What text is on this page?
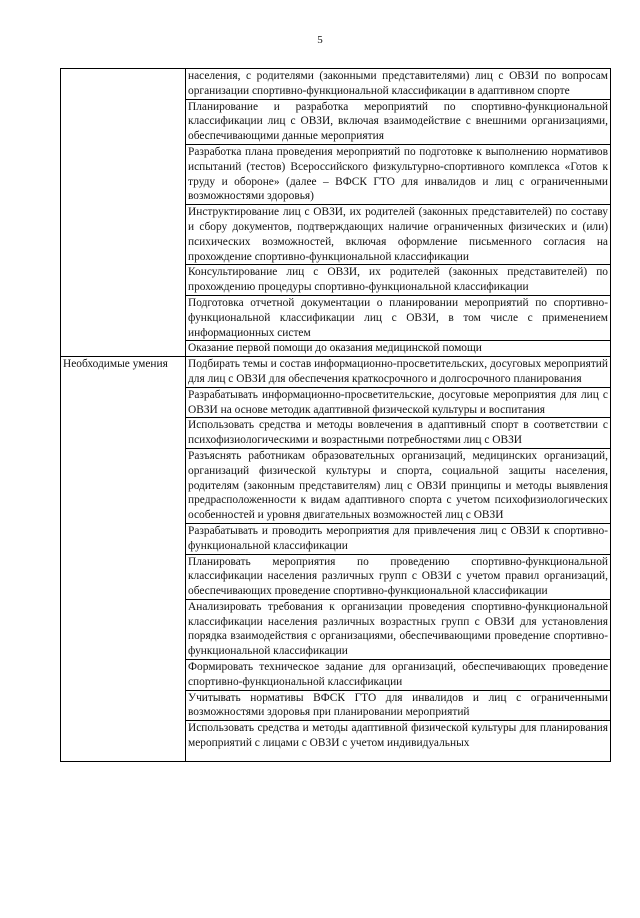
5
	населения, с родителями (законными представителями) лиц с ОВЗИ по вопросам организации спортивно-функциональной классификации в адаптивном спорте
	Планирование и разработка мероприятий по спортивно-функциональной классификации лиц с ОВЗИ, включая взаимодействие с внешними организациями, обеспечивающими данные мероприятия
	Разработка плана проведения мероприятий по подготовке к выполнению нормативов испытаний (тестов) Всероссийского физкультурно-спортивного комплекса «Готов к труду и обороне» (далее – ВФСК ГТО для инвалидов и лиц с ограниченными возможностями здоровья)
	Инструктирование лиц с ОВЗИ, их родителей (законных представителей) по составу и сбору документов, подтверждающих наличие ограниченных физических и (или) психических возможностей, включая оформление письменного согласия на прохождение спортивно-функциональной классификации
	Консультирование лиц с ОВЗИ, их родителей (законных представителей) по прохождению процедуры спортивно-функциональной классификации
	Подготовка отчетной документации о планировании мероприятий по спортивно-функциональной классификации лиц с ОВЗИ, в том числе с применением информационных систем
	Оказание первой помощи до оказания медицинской помощи
Необходимые умения	Подбирать темы и состав информационно-просветительских, досуговых мероприятий для лиц с ОВЗИ для обеспечения краткосрочного и долгосрочного планирования
	Разрабатывать информационно-просветительские, досуговые мероприятия для лиц с ОВЗИ на основе методик адаптивной физической культуры и воспитания
	Использовать средства и методы вовлечения в адаптивный спорт в соответствии с психофизиологическими и возрастными потребностями лиц с ОВЗИ
	Разъяснять работникам образовательных организаций, медицинских организаций, организаций физической культуры и спорта, социальной защиты населения, родителям (законным представителям) лиц с ОВЗИ принципы и методы выявления предрасположенности к видам адаптивного спорта с учетом психофизиологических особенностей и уровня двигательных возможностей лиц с ОВЗИ
	Разрабатывать и проводить мероприятия для привлечения лиц с ОВЗИ к спортивно-функциональной классификации
	Планировать мероприятия по проведению спортивно-функциональной классификации населения различных групп с ОВЗИ с учетом правил организаций, обеспечивающих проведение спортивно-функциональной классификации
	Анализировать требования к организации проведения спортивно-функциональной классификации населения различных возрастных групп с ОВЗИ для установления порядка взаимодействия с организациями, обеспечивающими проведение спортивно-функциональной классификации
	Формировать техническое задание для организаций, обеспечивающих проведение спортивно-функциональной классификации
	Учитывать нормативы ВФСК ГТО для инвалидов и лиц с ограниченными возможностями здоровья при планировании мероприятий

	Использовать средства и методы адаптивной физической культуры для планирования мероприятий с лицами с ОВЗИ с учетом индивидуальных
